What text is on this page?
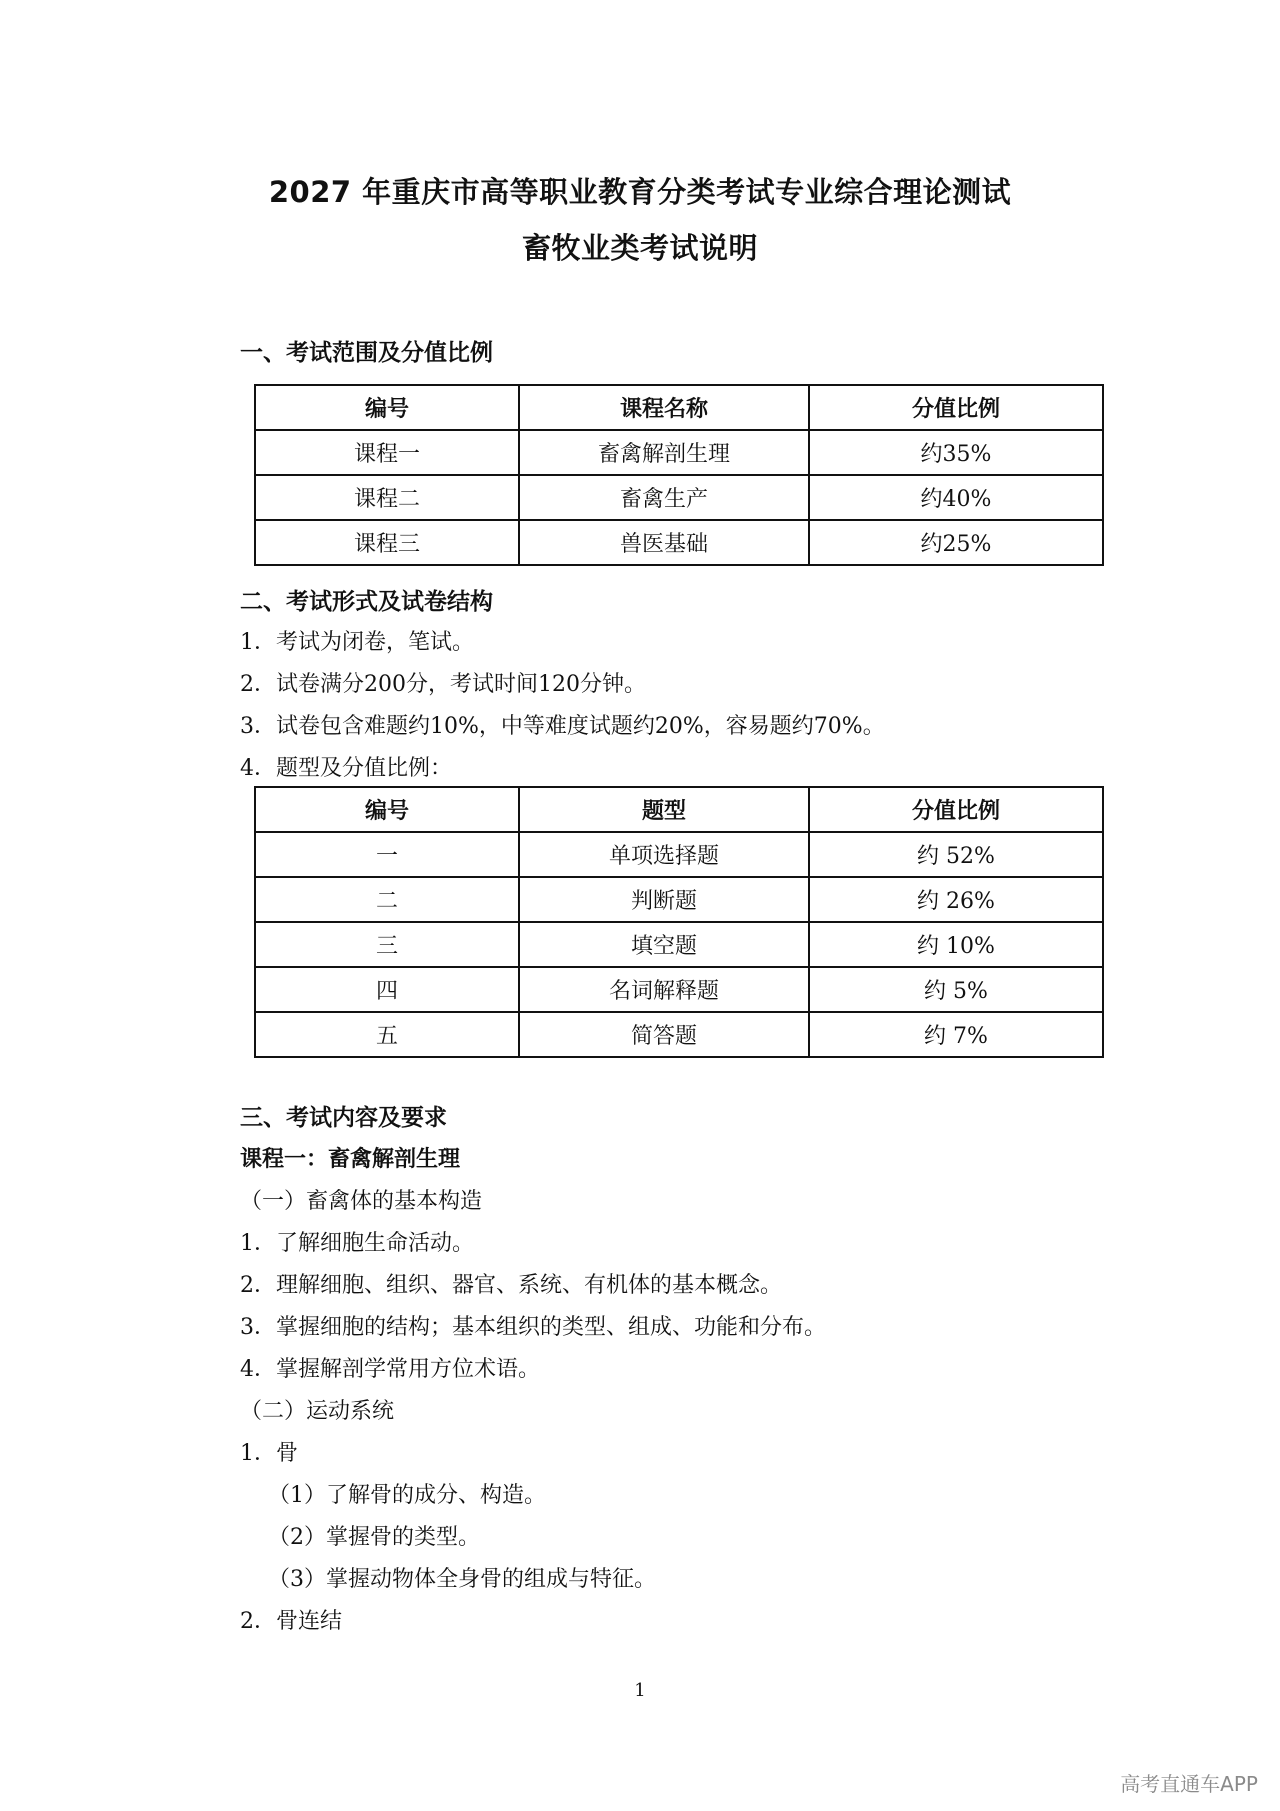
2027 年重庆市高等职业教育分类考试专业综合理论测试
畜牧业类考试说明
一、考试范围及分值比例
编号	课程名称	分值比例
课程一	畜禽解剖生理	约35%
课程二	畜禽生产	约40%
课程三	兽医基础	约25%
二、考试形式及试卷结构
1．考试为闭卷，笔试。
2．试卷满分200分，考试时间120分钟。
3．试卷包含难题约10%，中等难度试题约20%，容易题约70%。
4．题型及分值比例：
编号	题型	分值比例
一	单项选择题	约 52%
二	判断题	约 26%
三	填空题	约 10%
四	名词解释题	约 5%
五	简答题	约 7%
三、考试内容及要求
课程一：畜禽解剖生理
（一）畜禽体的基本构造
1．了解细胞生命活动。
2．理解细胞、组织、器官、系统、有机体的基本概念。
3．掌握细胞的结构；基本组织的类型、组成、功能和分布。
4．掌握解剖学常用方位术语。
（二）运动系统
1．骨
（1）了解骨的成分、构造。
（2）掌握骨的类型。
（3）掌握动物体全身骨的组成与特征。
2．骨连结
1
高考直通车APP
